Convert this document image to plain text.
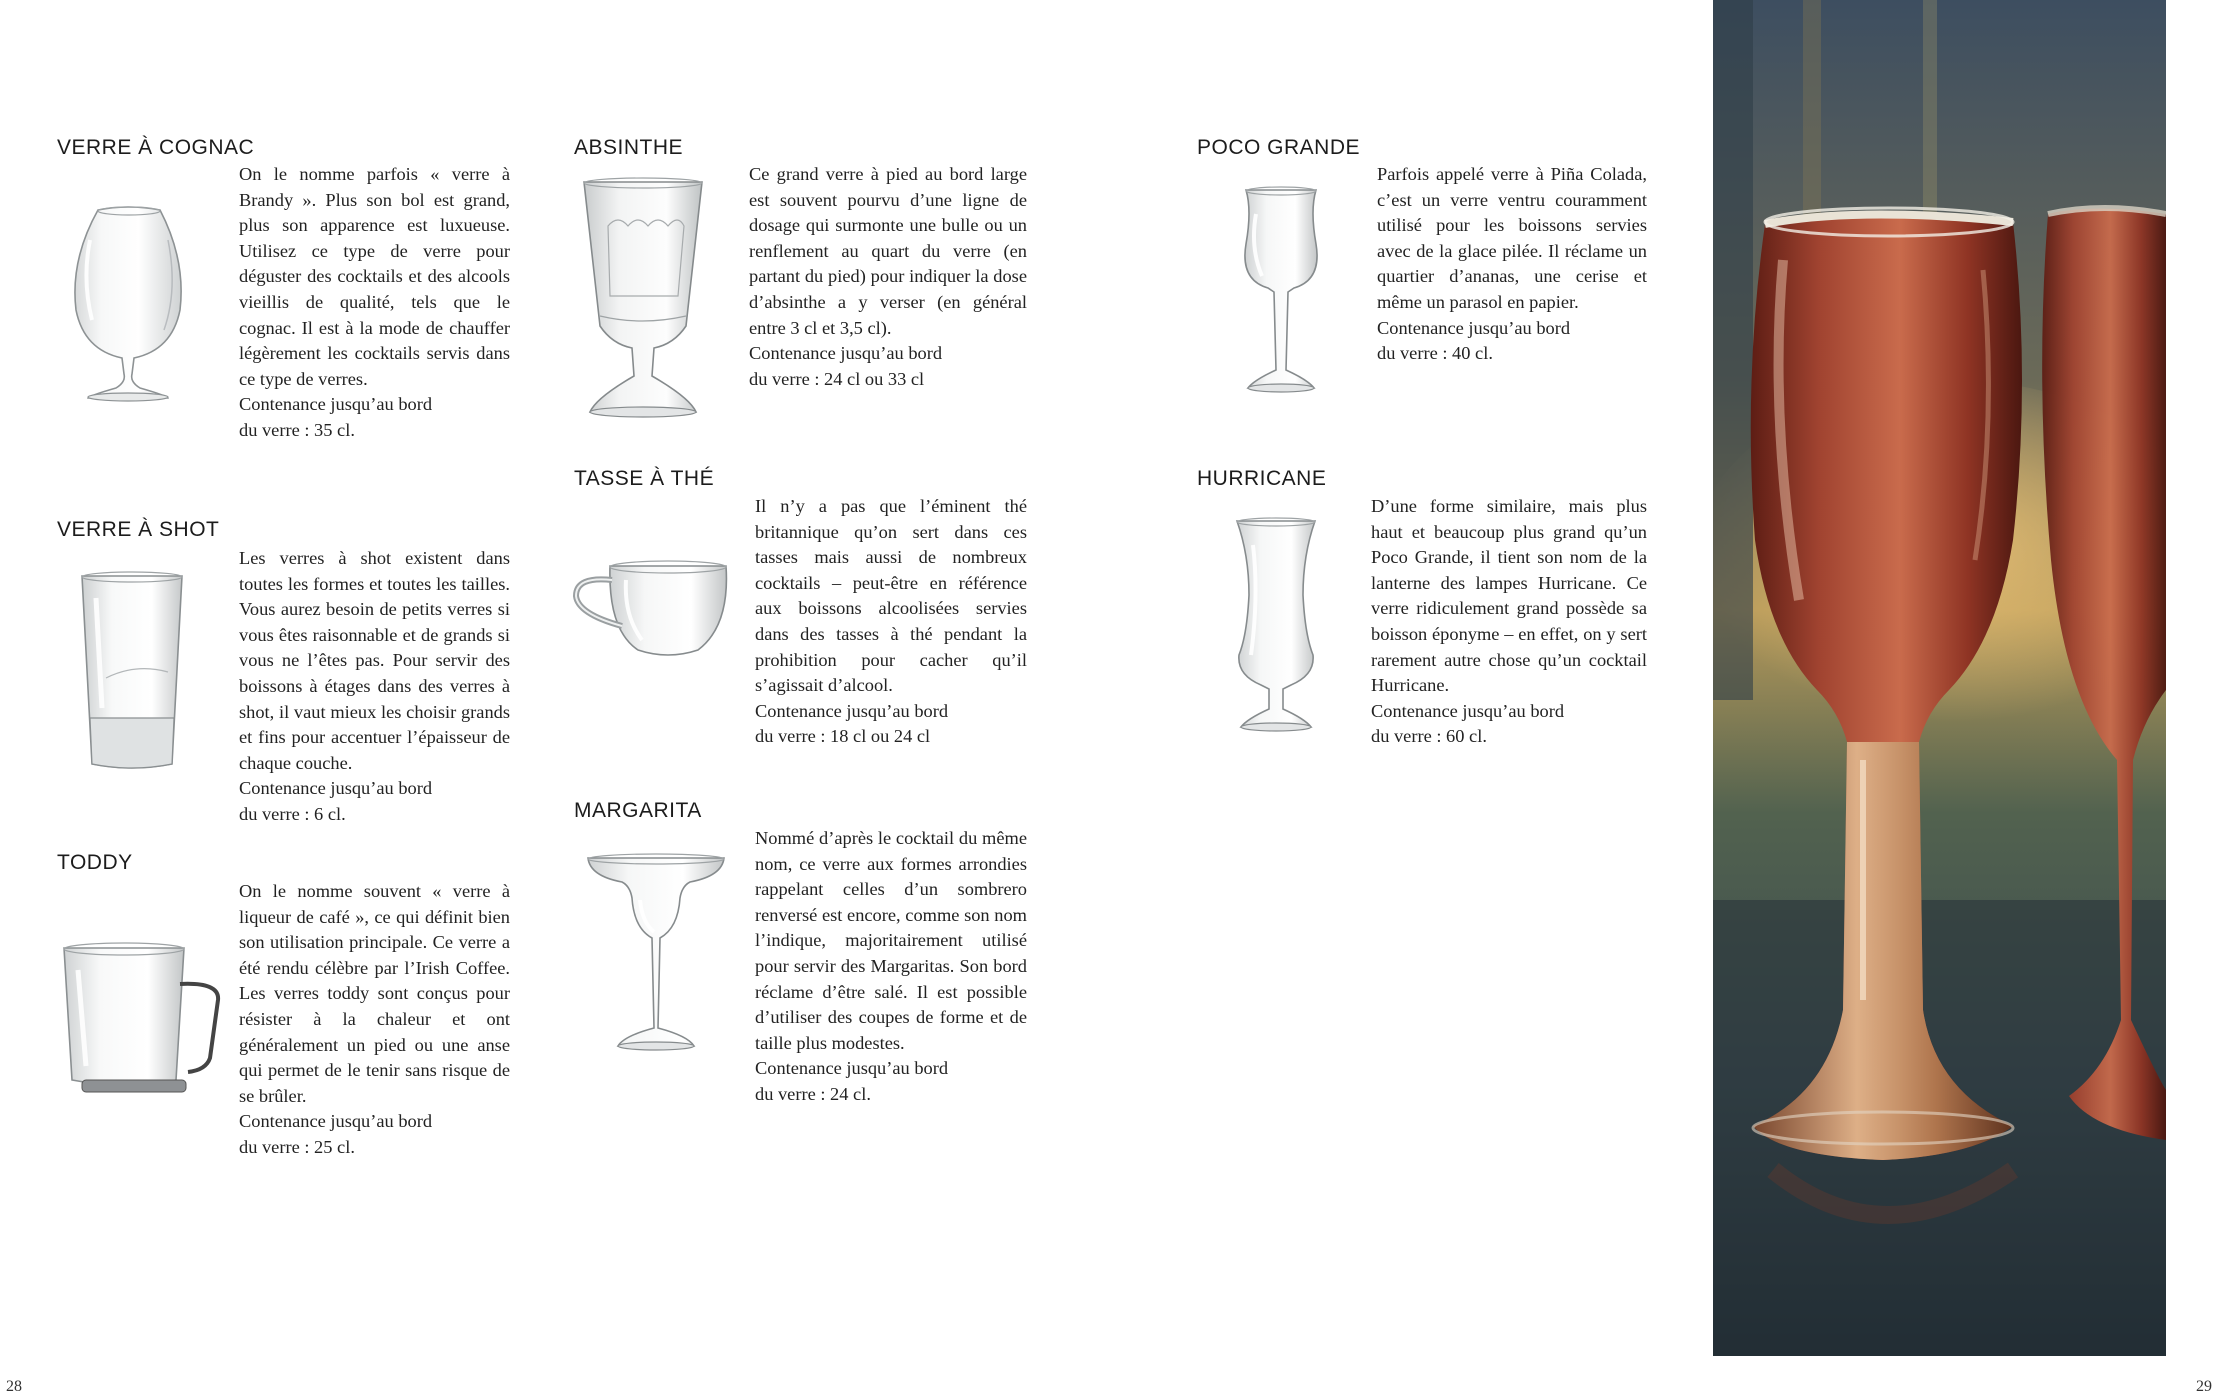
VERRE À COGNAC

On le nomme parfois « verre à Brandy ». Plus son bol est grand, plus son apparence est luxueuse. Utilisez ce type de verre pour déguster des cocktails et des alcools vieillis de qualité, tels que le cognac. Il est à la mode de chauffer légèrement les cocktails servis dans ce type de verres.

Contenance jusqu’au bord

du verre : 35 cl.

VERRE À SHOT

Les verres à shot existent dans toutes les formes et toutes les tailles. Vous aurez besoin de petits verres si vous êtes raisonnable et de grands si vous ne l’êtes pas. Pour servir des boissons à étages dans des verres à shot, il vaut mieux les choisir grands et fins pour accentuer l’épaisseur de chaque couche.

Contenance jusqu’au bord

du verre : 6 cl.

TODDY

On le nomme souvent « verre à liqueur de café », ce qui définit bien son utilisation principale. Ce verre a été rendu célèbre par l’Irish Coffee. Les verres toddy sont conçus pour résister à la chaleur et ont généralement un pied ou une anse qui permet de le tenir sans risque de se brûler.

Contenance jusqu’au bord

du verre : 25 cl.

ABSINTHE

Ce grand verre à pied au bord large est souvent pourvu d’une ligne de dosage qui surmonte une bulle ou un renflement au quart du verre (en partant du pied) pour indiquer la dose d’absinthe a y verser (en général entre 3 cl et 3,5 cl).

Contenance jusqu’au bord

du verre : 24 cl ou 33 cl

TASSE À THÉ

Il n’y a pas que l’éminent thé britannique qu’on sert dans ces tasses mais aussi de nombreux cocktails – peut-être en référence aux boissons alcoolisées servies dans des tasses à thé pendant la prohibition pour cacher qu’il s’agissait d’alcool.

Contenance jusqu’au bord

du verre : 18 cl ou 24 cl

MARGARITA

Nommé d’après le cocktail du même nom, ce verre aux formes arrondies rappelant celles d’un sombrero renversé est encore, comme son nom l’indique, majoritairement utilisé pour servir des Margaritas. Son bord réclame d’être salé. Il est possible d’utiliser des coupes de forme et de taille plus modestes.

Contenance jusqu’au bord

du verre : 24 cl.

POCO GRANDE

Parfois appelé verre à Piña Colada, c’est un verre ventru couramment utilisé pour les boissons servies avec de la glace pilée. Il réclame un quartier d’ananas, une cerise et même un parasol en papier.

Contenance jusqu’au bord

du verre : 40 cl.

HURRICANE

D’une forme similaire, mais plus haut et beaucoup plus grand qu’un Poco Grande, il tient son nom de la lanterne des lampes Hurricane. Ce verre ridiculement grand possède sa boisson éponyme – en effet, on y sert rarement autre chose qu’un cocktail Hurricane.

Contenance jusqu’au bord

du verre : 60 cl.

28	29
